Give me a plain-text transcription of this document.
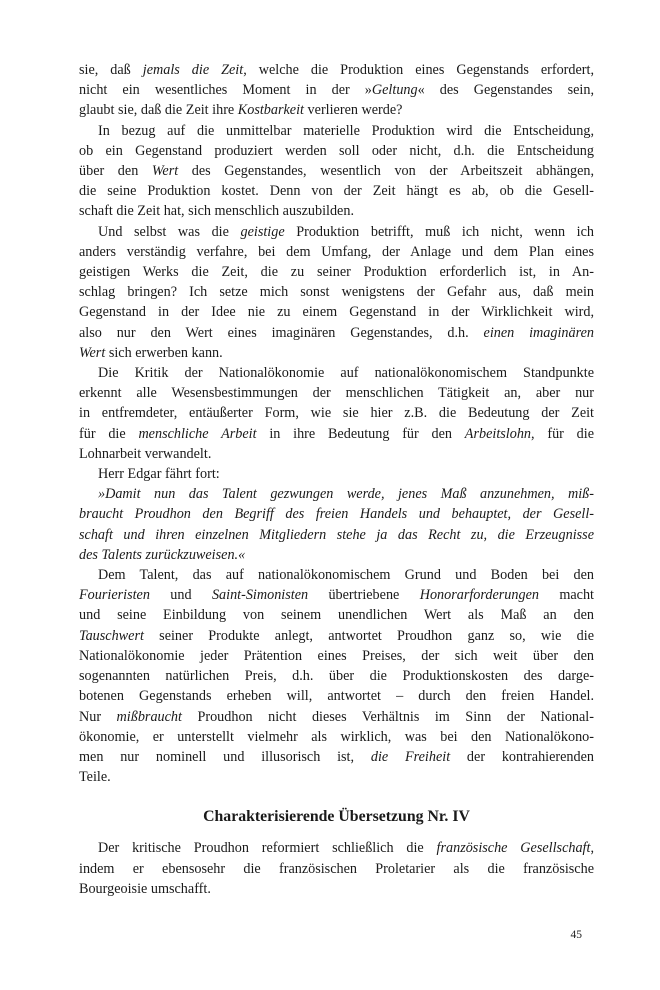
sie, daß jemals die Zeit, welche die Produktion eines Gegenstands erfordert,
nicht ein wesentliches Moment in der »Geltung« des Gegenstandes sein,
glaubt sie, daß die Zeit ihre Kostbarkeit verlieren werde?
In bezug auf die unmittelbar materielle Produktion wird die Entscheidung,
ob ein Gegenstand produziert werden soll oder nicht, d.h. die Entscheidung
über den Wert des Gegenstandes, wesentlich von der Arbeitszeit abhängen,
die seine Produktion kostet. Denn von der Zeit hängt es ab, ob die Gesell-
schaft die Zeit hat, sich menschlich auszubilden.
Und selbst was die geistige Produktion betrifft, muß ich nicht, wenn ich
anders verständig verfahre, bei dem Umfang, der Anlage und dem Plan eines
geistigen Werks die Zeit, die zu seiner Produktion erforderlich ist, in An-
schlag bringen? Ich setze mich sonst wenigstens der Gefahr aus, daß mein
Gegenstand in der Idee nie zu einem Gegenstand in der Wirklichkeit wird,
also nur den Wert eines imaginären Gegenstandes, d.h. einen imaginären
Wert sich erwerben kann.
Die Kritik der Nationalökonomie auf nationalökonomischem Standpunkte
erkennt alle Wesensbestimmungen der menschlichen Tätigkeit an, aber nur
in entfremdeter, entäußerter Form, wie sie hier z.B. die Bedeutung der Zeit
für die menschliche Arbeit in ihre Bedeutung für den Arbeitslohn, für die
Lohnarbeit verwandelt.
Herr Edgar fährt fort:
»Damit nun das Talent gezwungen werde, jenes Maß anzunehmen, miß-
braucht Proudhon den Begriff des freien Handels und behauptet, der Gesell-
schaft und ihren einzelnen Mitgliedern stehe ja das Recht zu, die Erzeugnisse
des Talents zurückzuweisen.«
Dem Talent, das auf nationalökonomischem Grund und Boden bei den
Fourieristen und Saint-Simonisten übertriebene Honorarforderungen macht
und seine Einbildung von seinem unendlichen Wert als Maß an den
Tauschwert seiner Produkte anlegt, antwortet Proudhon ganz so, wie die
Nationalökonomie jeder Prätention eines Preises, der sich weit über den
sogenannten natürlichen Preis, d.h. über die Produktionskosten des darge-
botenen Gegenstands erheben will, antwortet – durch den freien Handel.
Nur mißbraucht Proudhon nicht dieses Verhältnis im Sinn der National-
ökonomie, er unterstellt vielmehr als wirklich, was bei den Nationalökono-
men nur nominell und illusorisch ist, die Freiheit der kontrahierenden
Teile.
Charakterisierende Übersetzung Nr. IV
Der kritische Proudhon reformiert schließlich die französische Gesellschaft,
indem er ebensosehr die französischen Proletarier als die französische
Bourgeoisie umschafft.
45
